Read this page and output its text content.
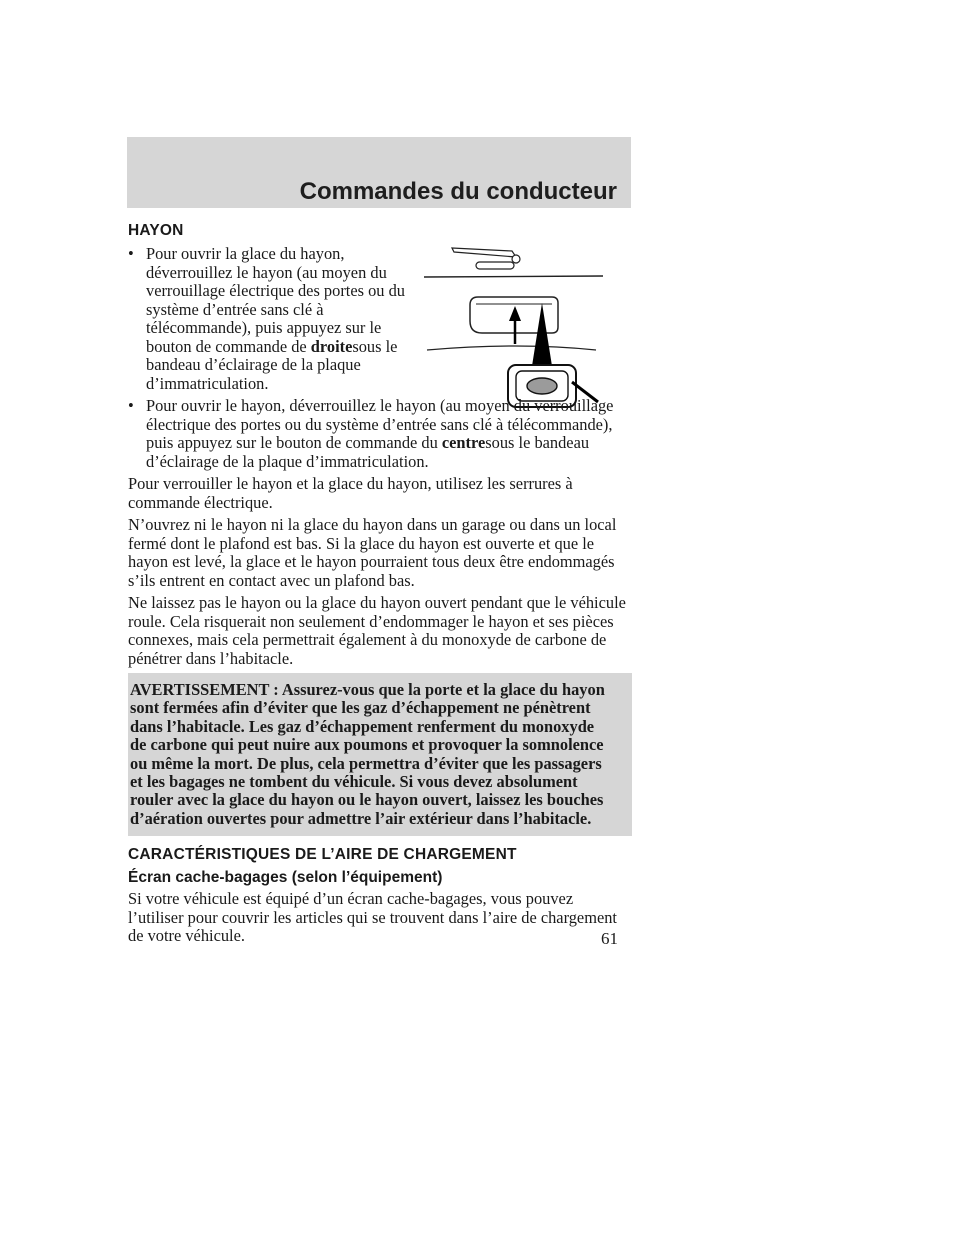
Commandes du conducteur
HAYON
• Pour ouvrir la glace du hayon, déverrouillez le hayon (au moyen du verrouillage électrique des portes ou du système d’entrée sans clé à télécommande), puis appuyez sur le bouton de commande de droitesous le bandeau d’éclairage de la plaque d’immatriculation.
• Pour ouvrir le hayon, déverrouillez le hayon (au moyen du verrouillage électrique des portes ou du système d’entrée sans clé à télécommande), puis appuyez sur le bouton de commande du centresous le bandeau d’éclairage de la plaque d’immatriculation.

Pour verrouiller le hayon et la glace du hayon, utilisez les serrures à commande électrique.

N’ouvrez ni le hayon ni la glace du hayon dans un garage ou dans un local fermé dont le plafond est bas. Si la glace du hayon est ouverte et que le hayon est levé, la glace et le hayon pourraient tous deux être endommagés s’ils entrent en contact avec un plafond bas.

Ne laissez pas le hayon ou la glace du hayon ouvert pendant que le véhicule roule. Cela risquerait non seulement d’endommager le hayon et ses pièces connexes, mais cela permettrait également à du monoxyde de carbone de pénétrer dans l’habitacle.

AVERTISSEMENT : Assurez-vous que la porte et la glace du hayon sont fermées afin d’éviter que les gaz d’échappement ne pénètrent dans l’habitacle. Les gaz d’échappement renferment du monoxyde de carbone qui peut nuire aux poumons et provoquer la somnolence ou même la mort. De plus, cela permettra d’éviter que les passagers et les bagages ne tombent du véhicule. Si vous devez absolument rouler avec la glace du hayon ou le hayon ouvert, laissez les bouches d’aération ouvertes pour admettre l’air extérieur dans l’habitacle.
CARACTÉRISTIQUES DE L’AIRE DE CHARGEMENT
Écran cache-bagages (selon l’équipement)

Si votre véhicule est équipé d’un écran cache-bagages, vous pouvez l’utiliser pour couvrir les articles qui se trouvent dans l’aire de chargement de votre véhicule.	61
